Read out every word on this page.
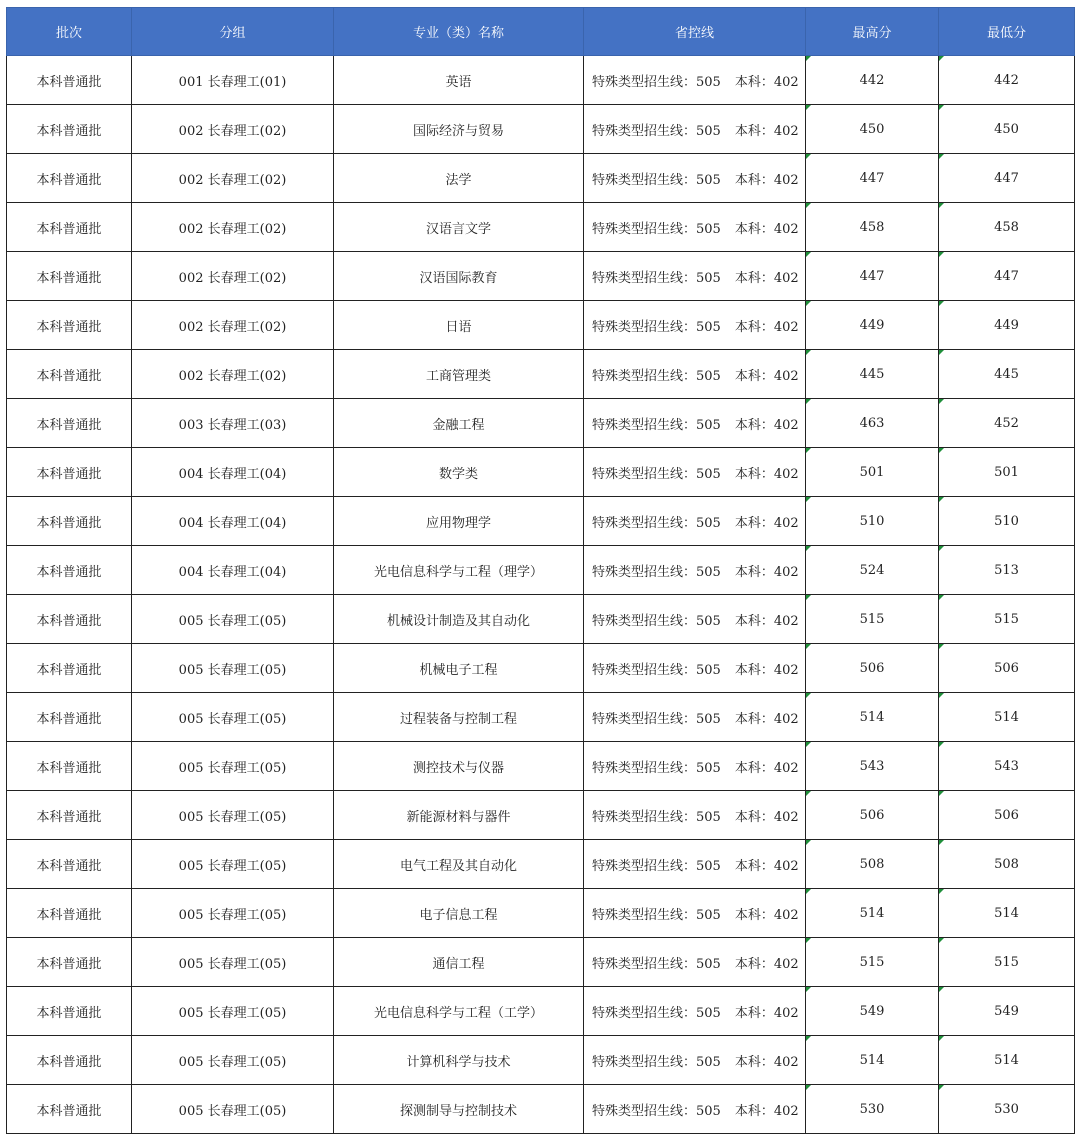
批次	分组	专业（类）名称	省控线	最高分	最低分
本科普通批	001 长春理工(01)	英语	特殊类型招生线：505 本科：402	442	442
本科普通批	002 长春理工(02)	国际经济与贸易	特殊类型招生线：505 本科：402	450	450
本科普通批	002 长春理工(02)	法学	特殊类型招生线：505 本科：402	447	447
本科普通批	002 长春理工(02)	汉语言文学	特殊类型招生线：505 本科：402	458	458
本科普通批	002 长春理工(02)	汉语国际教育	特殊类型招生线：505 本科：402	447	447
本科普通批	002 长春理工(02)	日语	特殊类型招生线：505 本科：402	449	449
本科普通批	002 长春理工(02)	工商管理类	特殊类型招生线：505 本科：402	445	445
本科普通批	003 长春理工(03)	金融工程	特殊类型招生线：505 本科：402	463	452
本科普通批	004 长春理工(04)	数学类	特殊类型招生线：505 本科：402	501	501
本科普通批	004 长春理工(04)	应用物理学	特殊类型招生线：505 本科：402	510	510
本科普通批	004 长春理工(04)	光电信息科学与工程（理学）	特殊类型招生线：505 本科：402	524	513
本科普通批	005 长春理工(05)	机械设计制造及其自动化	特殊类型招生线：505 本科：402	515	515
本科普通批	005 长春理工(05)	机械电子工程	特殊类型招生线：505 本科：402	506	506
本科普通批	005 长春理工(05)	过程装备与控制工程	特殊类型招生线：505 本科：402	514	514
本科普通批	005 长春理工(05)	测控技术与仪器	特殊类型招生线：505 本科：402	543	543
本科普通批	005 长春理工(05)	新能源材料与器件	特殊类型招生线：505 本科：402	506	506
本科普通批	005 长春理工(05)	电气工程及其自动化	特殊类型招生线：505 本科：402	508	508
本科普通批	005 长春理工(05)	电子信息工程	特殊类型招生线：505 本科：402	514	514
本科普通批	005 长春理工(05)	通信工程	特殊类型招生线：505 本科：402	515	515
本科普通批	005 长春理工(05)	光电信息科学与工程（工学）	特殊类型招生线：505 本科：402	549	549
本科普通批	005 长春理工(05)	计算机科学与技术	特殊类型招生线：505 本科：402	514	514
本科普通批	005 长春理工(05)	探测制导与控制技术	特殊类型招生线：505 本科：402	530	530
